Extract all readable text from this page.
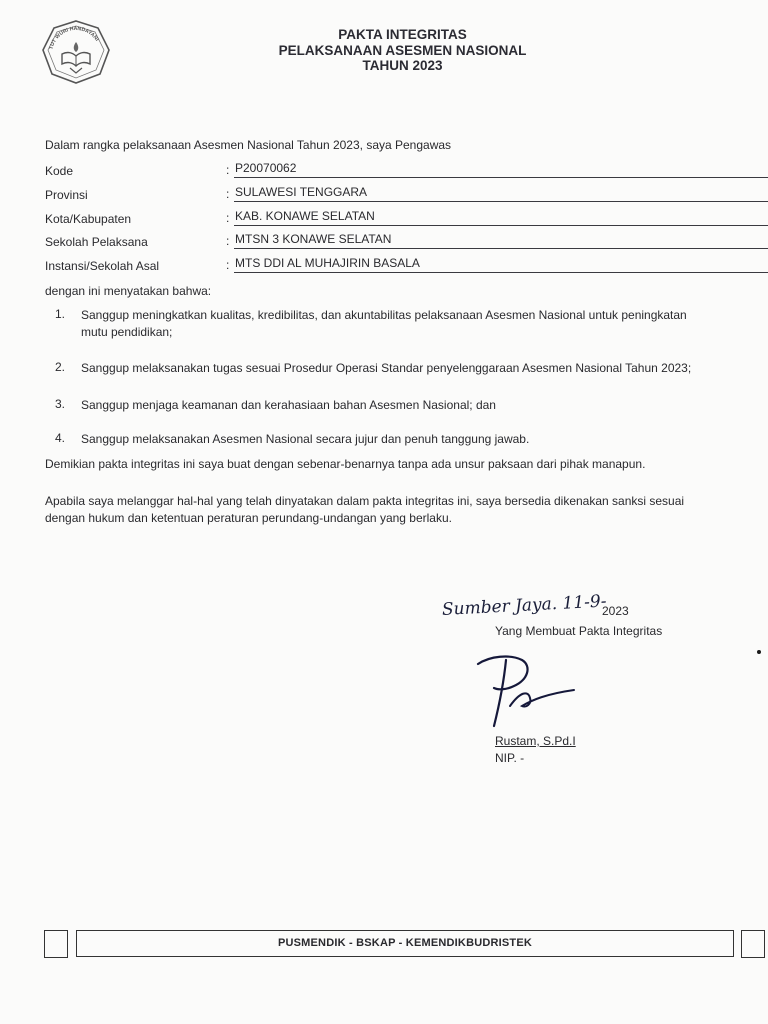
TUT WURI HANDAYANI	PAKTA INTEGRITAS
PELAKSANAAN ASESMEN NASIONAL
TAHUN 2023
Dalam rangka pelaksanaan Asesmen Nasional Tahun 2023, saya Pengawas
Kode	: P20070062
Provinsi	: SULAWESI TENGGARA
Kota/Kabupaten	: KAB. KONAWE SELATAN
Sekolah Pelaksana	: MTSN 3 KONAWE SELATAN
Instansi/Sekolah Asal	: MTS DDI AL MUHAJIRIN BASALA
dengan ini menyatakan bahwa:
1.	Sanggup meningkatkan kualitas, kredibilitas, dan akuntabilitas pelaksanaan Asesmen Nasional untuk peningkatan
mutu pendidikan;
2.	Sanggup melaksanakan tugas sesuai Prosedur Operasi Standar penyelenggaraan Asesmen Nasional Tahun 2023;
3.	Sanggup menjaga keamanan dan kerahasiaan bahan Asesmen Nasional; dan
4.	Sanggup melaksanakan Asesmen Nasional secara jujur dan penuh tanggung jawab.
Demikian pakta integritas ini saya buat dengan sebenar-benarnya tanpa ada unsur paksaan dari pihak manapun.
Apabila saya melanggar hal-hal yang telah dinyatakan dalam pakta integritas ini, saya bersedia dikenakan sanksi sesuai
dengan hukum dan ketentuan peraturan perundang-undangan yang berlaku.
Sumber Jaya. 11-9-
2023
Yang Membuat Pakta Integritas
Rustam, S.Pd.I
NIP. -
PUSMENDIK - BSKAP - KEMENDIKBUDRISTEK
